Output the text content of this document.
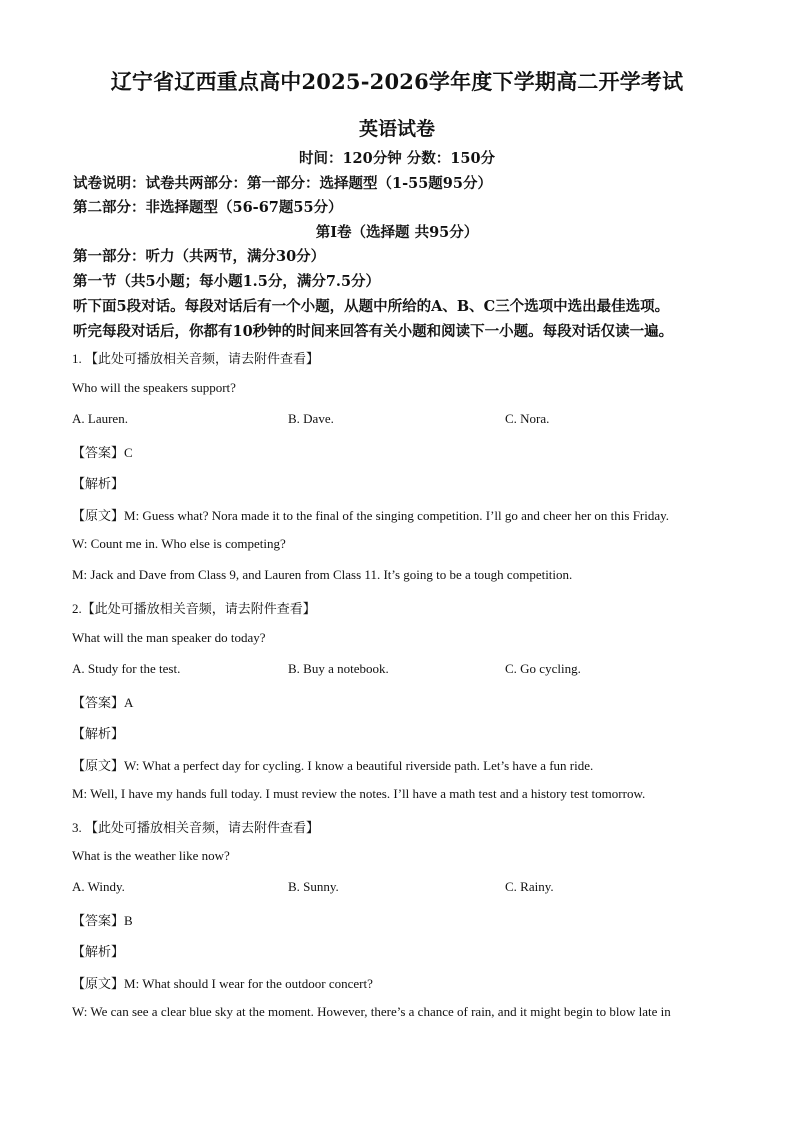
辽宁省辽西重点高中2025-2026学年度下学期高二开学考试
英语试卷
时间：120分钟 分数：150分
试卷说明：试卷共两部分：第一部分：选择题型（1-55题95分）
第二部分：非选择题型（56-67题55分）
第Ⅰ卷（选择题 共95分）
第一部分：听力（共两节，满分30分）
第一节（共5小题；每小题1.5分，满分7.5分）
听下面5段对话。每段对话后有一个小题，从题中所给的A、B、C三个选项中选出最佳选项。
听完每段对话后，你都有10秒钟的时间来回答有关小题和阅读下一小题。每段对话仅读一遍。
1. 【此处可播放相关音频，请去附件查看】
Who will the speakers support?
A. Lauren.	B. Dave.	C. Nora.
【答案】C
【解析】
【原文】M: Guess what? Nora made it to the final of the singing competition. I’ll go and cheer her on this Friday.
W: Count me in. Who else is competing?
M: Jack and Dave from Class 9, and Lauren from Class 11. It’s going to be a tough competition.
2.【此处可播放相关音频，请去附件查看】
What will the man speaker do today?
A. Study for the test.	B. Buy a notebook.	C. Go cycling.
【答案】A
【解析】
【原文】W: What a perfect day for cycling. I know a beautiful riverside path. Let’s have a fun ride.
M: Well, I have my hands full today. I must review the notes. I’ll have a math test and a history test tomorrow.
3. 【此处可播放相关音频，请去附件查看】
What is the weather like now?
A. Windy.	B. Sunny.	C. Rainy.
【答案】B
【解析】
【原文】M: What should I wear for the outdoor concert?
W: We can see a clear blue sky at the moment. However, there’s a chance of rain, and it might begin to blow late in
